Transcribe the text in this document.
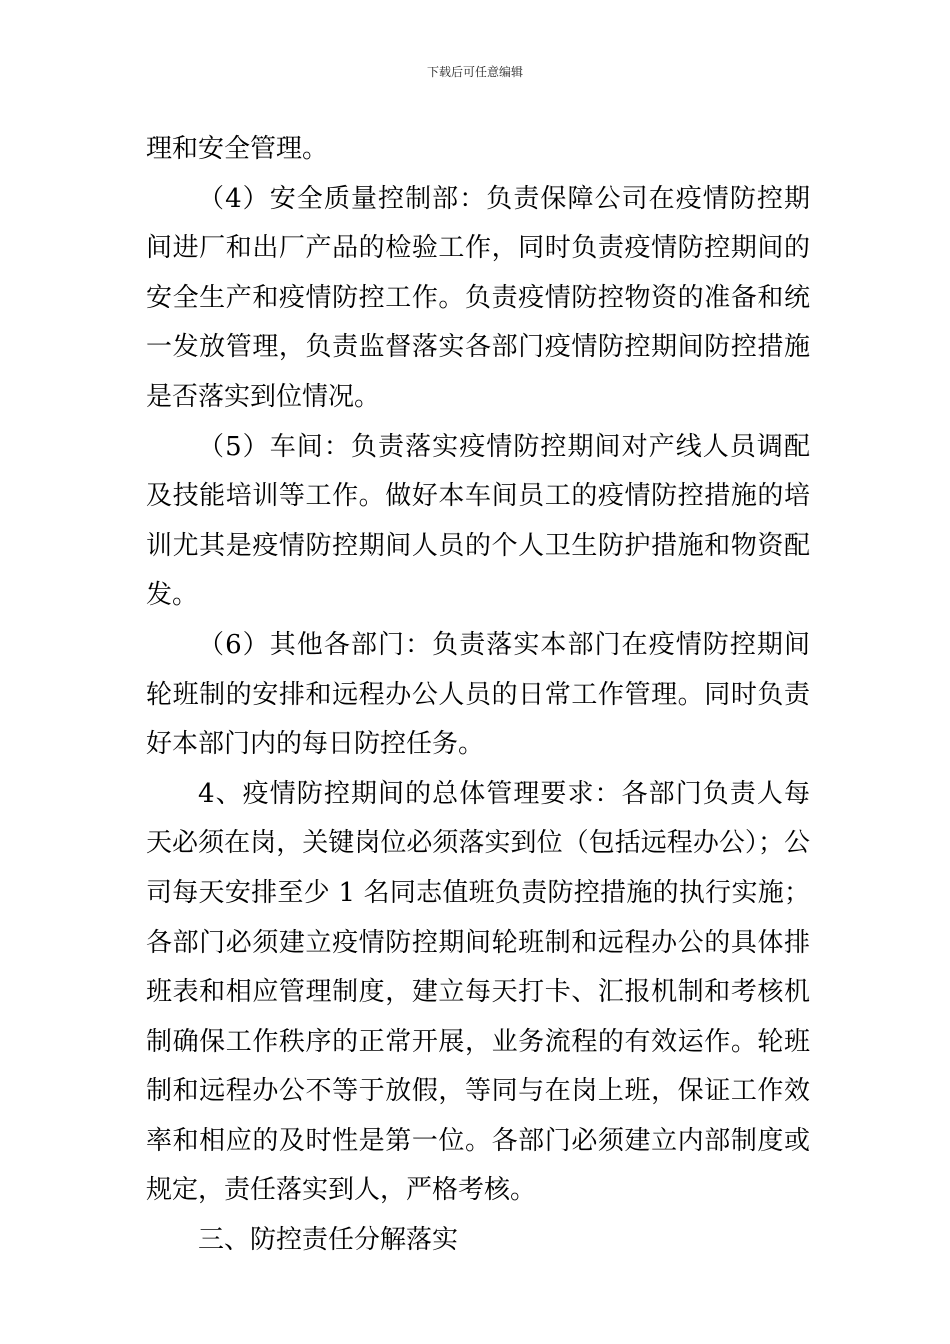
下载后可任意编辑

理和安全管理。

（4）安全质量控制部：负责保障公司在疫情防控期间进厂和出厂产品的检验工作，同时负责疫情防控期间的安全生产和疫情防控工作。负责疫情防控物资的准备和统一发放管理，负责监督落实各部门疫情防控期间防控措施是否落实到位情况。

（5）车间：负责落实疫情防控期间对产线人员调配及技能培训等工作。做好本车间员工的疫情防控措施的培训尤其是疫情防控期间人员的个人卫生防护措施和物资配发。

（6）其他各部门：负责落实本部门在疫情防控期间轮班制的安排和远程办公人员的日常工作管理。同时负责好本部门内的每日防控任务。

4、疫情防控期间的总体管理要求：各部门负责人每天必须在岗，关键岗位必须落实到位（包括远程办公）；公司每天安排至少 1 名同志值班负责防控措施的执行实施；各部门必须建立疫情防控期间轮班制和远程办公的具体排班表和相应管理制度，建立每天打卡、汇报机制和考核机制确保工作秩序的正常开展，业务流程的有效运作。轮班制和远程办公不等于放假，等同与在岗上班，保证工作效率和相应的及时性是第一位。各部门必须建立内部制度或规定，责任落实到人，严格考核。

三、防控责任分解落实
